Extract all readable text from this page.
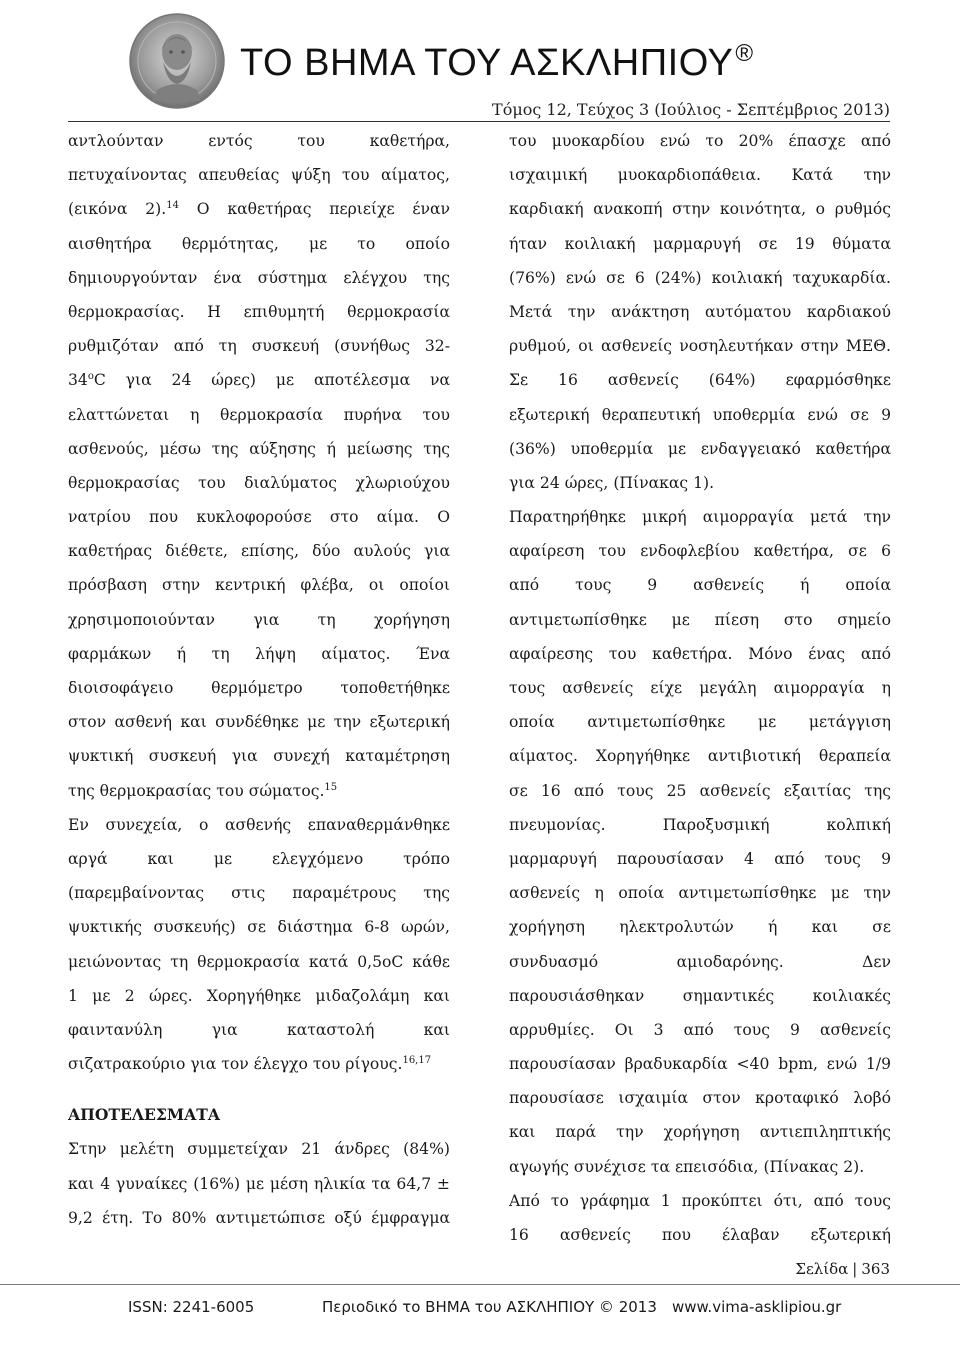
ΤΟ ΒΗΜΑ ΤΟΥ ΑΣΚΛΗΠΙΟΥ®
Τόμος 12, Τεύχος 3 (Ιούλιος - Σεπτέμβριος 2013)
αντλούνταν εντός του καθετήρα,
πετυχαίνοντας απευθείας ψύξη του αίματος,
(εικόνα 2).$^{14}$ Ο καθετήρας περιείχε έναν
αισθητήρα θερμότητας, με το οποίο
δημιουργούνταν ένα σύστημα ελέγχου της
θερμοκρασίας. Η επιθυμητή θερμοκρασία
ρυθμιζόταν από τη συσκευή (συνήθως 32-
34$^o$C για 24 ώρες) με αποτέλεσμα να
ελαττώνεται η θερμοκρασία πυρήνα του
ασθενούς, μέσω της αύξησης ή μείωσης της
θερμοκρασίας του διαλύματος χλωριούχου
νατρίου που κυκλοφορούσε στο αίμα. Ο
καθετήρας διέθετε, επίσης, δύο αυλούς για
πρόσβαση στην κεντρική φλέβα, οι οποίοι
χρησιμοποιούνταν για τη χορήγηση
φαρμάκων ή τη λήψη αίματος. Ένα
διοισοφάγειο θερμόμετρο τοποθετήθηκε
στον ασθενή και συνδέθηκε με την εξωτερική
ψυκτική συσκευή για συνεχή καταμέτρηση
της θερμοκρασίας του σώματος.$^{15}$
Εν συνεχεία, ο ασθενής επαναθερμάνθηκε
αργά και με ελεγχόμενο τρόπο
(παρεμβαίνοντας στις παραμέτρους της
ψυκτικής συσκευής) σε διάστημα 6-8 ωρών,
μειώνοντας τη θερμοκρασία κατά 0,5οC κάθε
1 με 2 ώρες. Χορηγήθηκε μιδαζολάμη και
φαιντανύλη για καταστολή και
σιζατρακούριο για τον έλεγχο του ρίγους.$^{16,17}$
ΑΠΟΤΕΛΕΣΜΑΤΑ
Στην μελέτη συμμετείχαν 21 άνδρες (84%)
και 4 γυναίκες (16%) με μέση ηλικία τα 64,7 ±
9,2 έτη. Το 80% αντιμετώπισε οξύ έμφραγμα
του μυοκαρδίου ενώ το 20% έπασχε από
ισχαιμική μυοκαρδιοπάθεια. Κατά την
καρδιακή ανακοπή στην κοινότητα, ο ρυθμός
ήταν κοιλιακή μαρμαρυγή σε 19 θύματα
(76%) ενώ σε 6 (24%) κοιλιακή ταχυκαρδία.
Μετά την ανάκτηση αυτόματου καρδιακού
ρυθμού, οι ασθενείς νοσηλευτήκαν στην ΜΕΘ.
Σε 16 ασθενείς (64%) εφαρμόσθηκε
εξωτερική θεραπευτική υποθερμία ενώ σε 9
(36%) υποθερμία με ενδαγγειακό καθετήρα
για 24 ώρες, (Πίνακας 1).
Παρατηρήθηκε μικρή αιμορραγία μετά την
αφαίρεση του ενδοφλεβίου καθετήρα, σε 6
από τους 9 ασθενείς ή οποία
αντιμετωπίσθηκε με πίεση στο σημείο
αφαίρεσης του καθετήρα. Μόνο ένας από
τους ασθενείς είχε μεγάλη αιμορραγία η
οποία αντιμετωπίσθηκε με μετάγγιση
αίματος. Χορηγήθηκε αντιβιοτική θεραπεία
σε 16 από τους 25 ασθενείς εξαιτίας της
πνευμονίας. Παροξυσμική κολπική
μαρμαρυγή παρουσίασαν 4 από τους 9
ασθενείς η οποία αντιμετωπίσθηκε με την
χορήγηση ηλεκτρολυτών ή και σε
συνδυασμό αμιοδαρόνης. Δεν
παρουσιάσθηκαν σημαντικές κοιλιακές
αρρυθμίες. Οι 3 από τους 9 ασθενείς
παρουσίασαν βραδυκαρδία <40 bpm, ενώ 1/9
παρουσίασε ισχαιμία στον κροταφικό λοβό
και παρά την χορήγηση αντιεπιληπτικής
αγωγής συνέχισε τα επεισόδια, (Πίνακας 2).
Από το γράφημα 1 προκύπτει ότι, από τους
16 ασθενείς που έλαβαν εξωτερική
Σελίδα | 363
ISSN: 2241-6005	Περιοδικό το ΒΗΜΑ του ΑΣΚΛΗΠΙΟΥ © 2013 www.vima-asklipiou.gr
